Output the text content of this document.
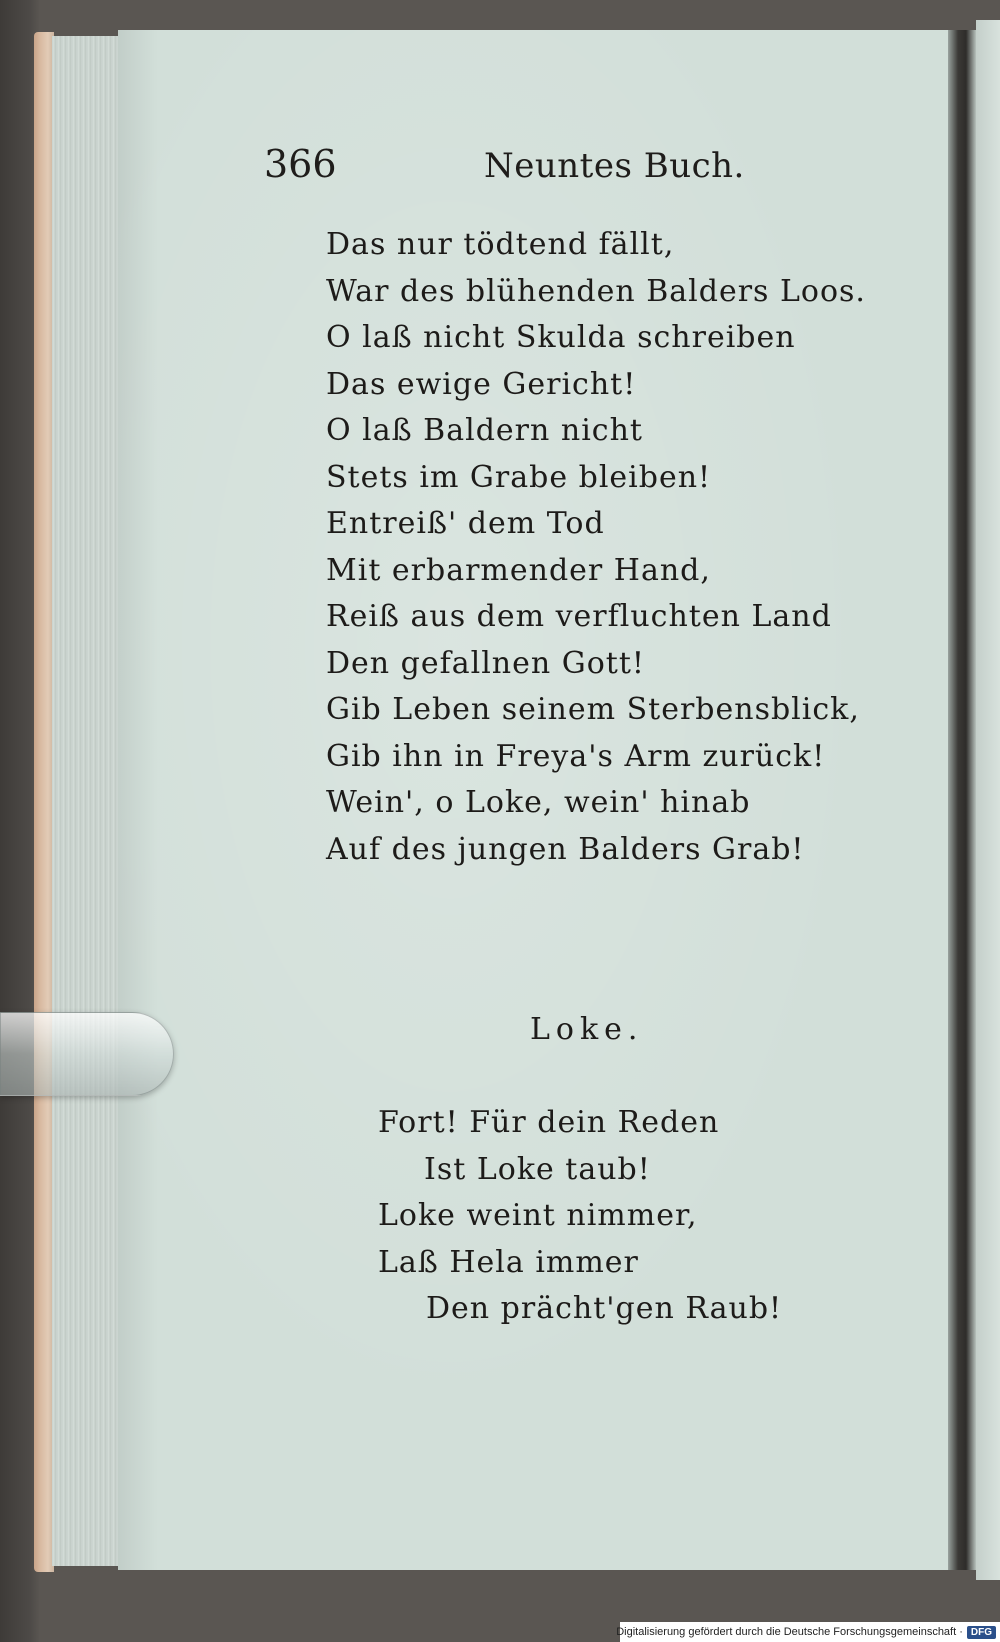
366	Neuntes Buch.
Das nur tödtend fällt,
War des blühenden Balders Loos.
O laß nicht Skulda schreiben
Das ewige Gericht!
O laß Baldern nicht
Stets im Grabe bleiben!
Entreiß' dem Tod
Mit erbarmender Hand,
Reiß aus dem verfluchten Land
Den gefallnen Gott!
Gib Leben seinem Sterbensblick,
Gib ihn in Freya's Arm zurück!
Wein', o Loke, wein' hinab
Auf des jungen Balders Grab!
Loke.
Fort! Für dein Reden
Ist Loke taub!
Loke weint nimmer,
Laß Hela immer
Den prächt'gen Raub!
Digitalisierung gefördert durch die Deutsche Forschungsgemeinschaft · DFG
